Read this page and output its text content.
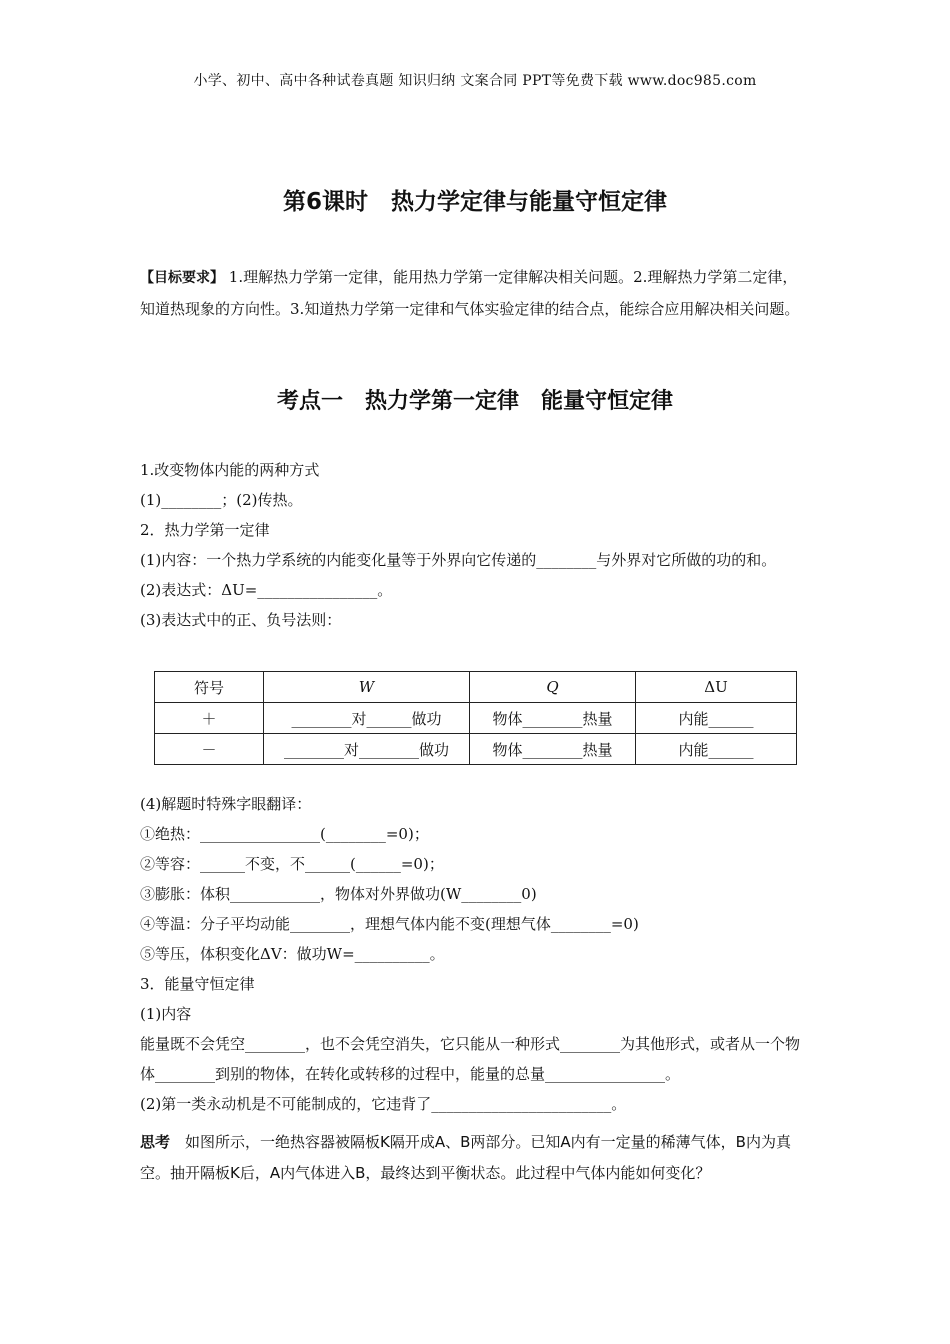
小学、初中、高中各种试卷真题 知识归纳 文案合同 PPT等免费下载 www.doc985.com
第6课时　热力学定律与能量守恒定律
【目标要求】 1.理解热力学第一定律，能用热力学第一定律解决相关问题。2.理解热力学第二定律，知道热现象的方向性。3.知道热力学第一定律和气体实验定律的结合点，能综合应用解决相关问题。
考点一　热力学第一定律　能量守恒定律

1.改变物体内能的两种方式

(1)________；(2)传热。

2．热力学第一定律

(1)内容：一个热力学系统的内能变化量等于外界向它传递的________与外界对它所做的功的和。

(2)表达式：ΔU=________________。

(3)表达式中的正、负号法则：

符号	W	Q	ΔU
＋	________对______做功	物体________热量	内能______
－	________对________做功	物体________热量	内能______

(4)解题时特殊字眼翻译：

①绝热：________________(________=0)；

②等容：______不变，不______(______=0)；

③膨胀：体积____________，物体对外界做功(W________0)

④等温：分子平均动能________，理想气体内能不变(理想气体________=0)

⑤等压，体积变化ΔV：做功W=__________。

3．能量守恒定律

(1)内容

能量既不会凭空________，也不会凭空消失，它只能从一种形式________为其他形式，或者从一个物体________到别的物体，在转化或转移的过程中，能量的总量________________。

(2)第一类永动机是不可能制成的，它违背了________________________。

思考　如图所示，一绝热容器被隔板K隔开成A、B两部分。已知A内有一定量的稀薄气体，B内为真空。抽开隔板K后，A内气体进入B，最终达到平衡状态。此过程中气体内能如何变化？
